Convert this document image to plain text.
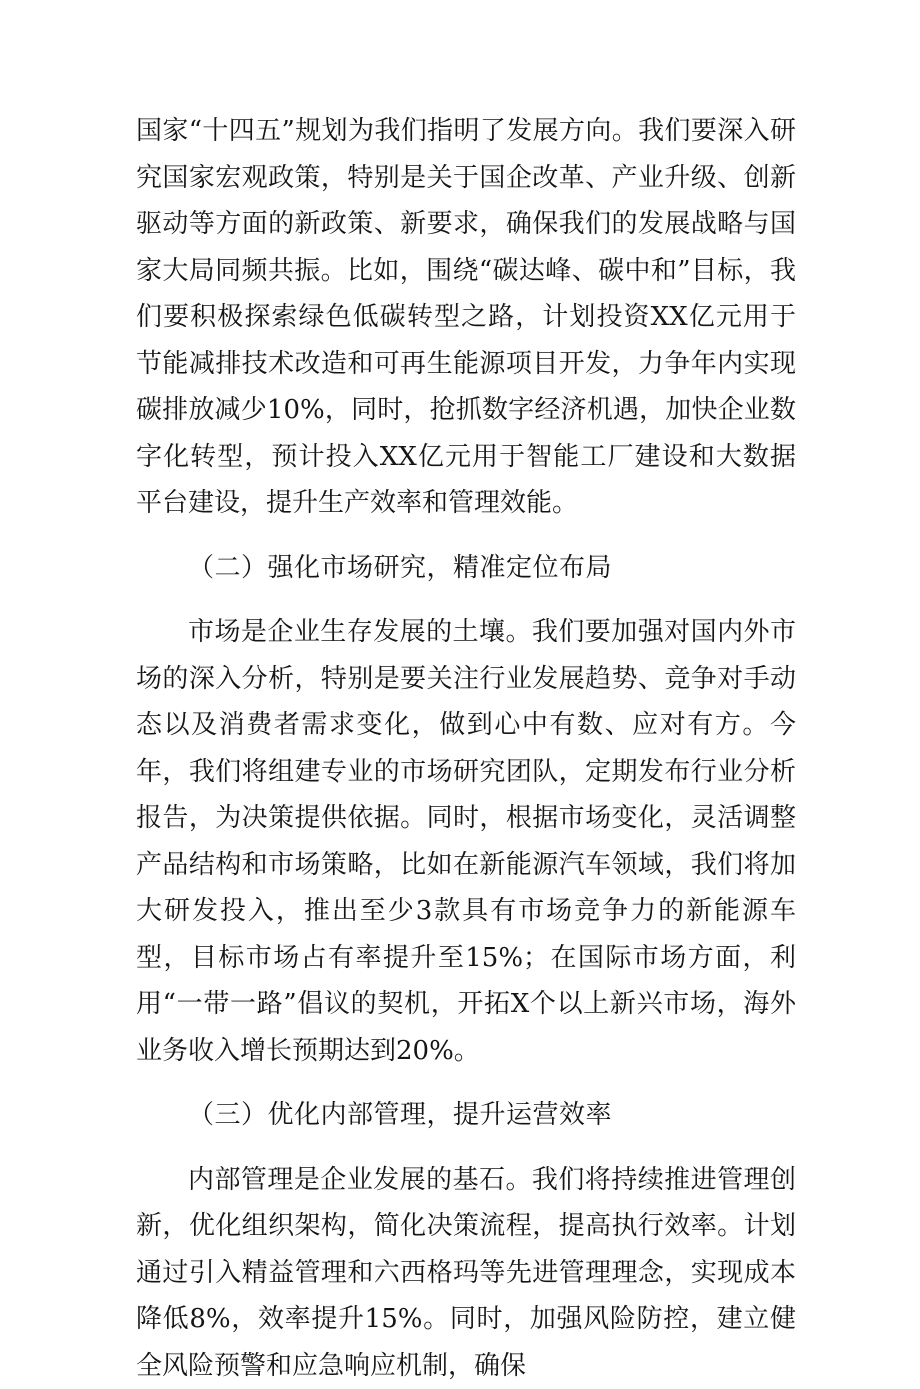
国家“十四五”规划为我们指明了发展方向。我们要深入研究国家宏观政策，特别是关于国企改革、产业升级、创新驱动等方面的新政策、新要求，确保我们的发展战略与国家大局同频共振。比如，围绕“碳达峰、碳中和”目标，我们要积极探索绿色低碳转型之路，计划投资XX亿元用于节能减排技术改造和可再生能源项目开发，力争年内实现碳排放减少10%，同时，抢抓数字经济机遇，加快企业数字化转型，预计投入XX亿元用于智能工厂建设和大数据平台建设，提升生产效率和管理效能。

（二）强化市场研究，精准定位布局

市场是企业生存发展的土壤。我们要加强对国内外市场的深入分析，特别是要关注行业发展趋势、竞争对手动态以及消费者需求变化，做到心中有数、应对有方。今年，我们将组建专业的市场研究团队，定期发布行业分析报告，为决策提供依据。同时，根据市场变化，灵活调整产品结构和市场策略，比如在新能源汽车领域，我们将加大研发投入，推出至少3款具有市场竞争力的新能源车型，目标市场占有率提升至15%；在国际市场方面，利用“一带一路”倡议的契机，开拓X个以上新兴市场，海外业务收入增长预期达到20%。

（三）优化内部管理，提升运营效率

内部管理是企业发展的基石。我们将持续推进管理创新，优化组织架构，简化决策流程，提高执行效率。计划通过引入精益管理和六西格玛等先进管理理念，实现成本降低8%，效率提升15%。同时，加强风险防控，建立健全风险预警和应急响应机制，确保
